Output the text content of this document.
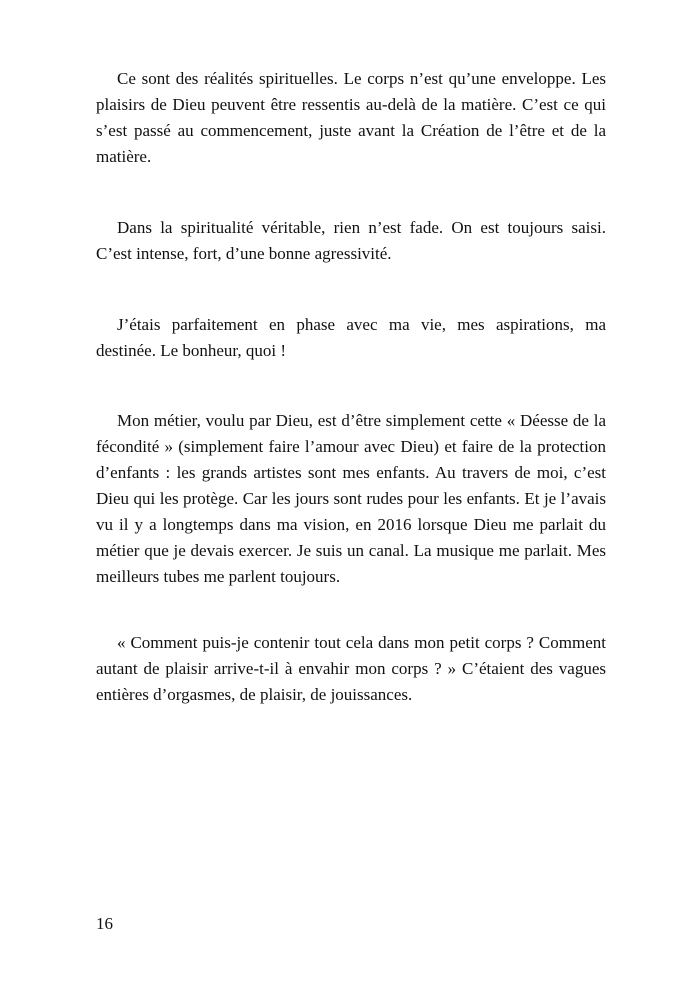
Ce sont des réalités spirituelles. Le corps n’est qu’une enveloppe. Les plaisirs de Dieu peuvent être ressentis au-delà de la matière. C’est ce qui s’est passé au commencement, juste avant la Création de l’être et de la matière.

Dans la spiritualité véritable, rien n’est fade. On est toujours saisi. C’est intense, fort, d’une bonne agressivité.

J’étais parfaitement en phase avec ma vie, mes aspirations, ma destinée. Le bonheur, quoi !

Mon métier, voulu par Dieu, est d’être simplement cette « Déesse de la fécondité » (simplement faire l’amour avec Dieu) et faire de la protection d’enfants : les grands artistes sont mes enfants. Au travers de moi, c’est Dieu qui les protège. Car les jours sont rudes pour les enfants. Et je l’avais vu il y a longtemps dans ma vision, en 2016 lorsque Dieu me parlait du métier que je devais exercer. Je suis un canal. La musique me parlait. Mes meilleurs tubes me parlent toujours.

« Comment puis-je contenir tout cela dans mon petit corps ? Comment autant de plaisir arrive-t-il à envahir mon corps ? » C’étaient des vagues entières d’orgasmes, de plaisir, de jouissances.

16
